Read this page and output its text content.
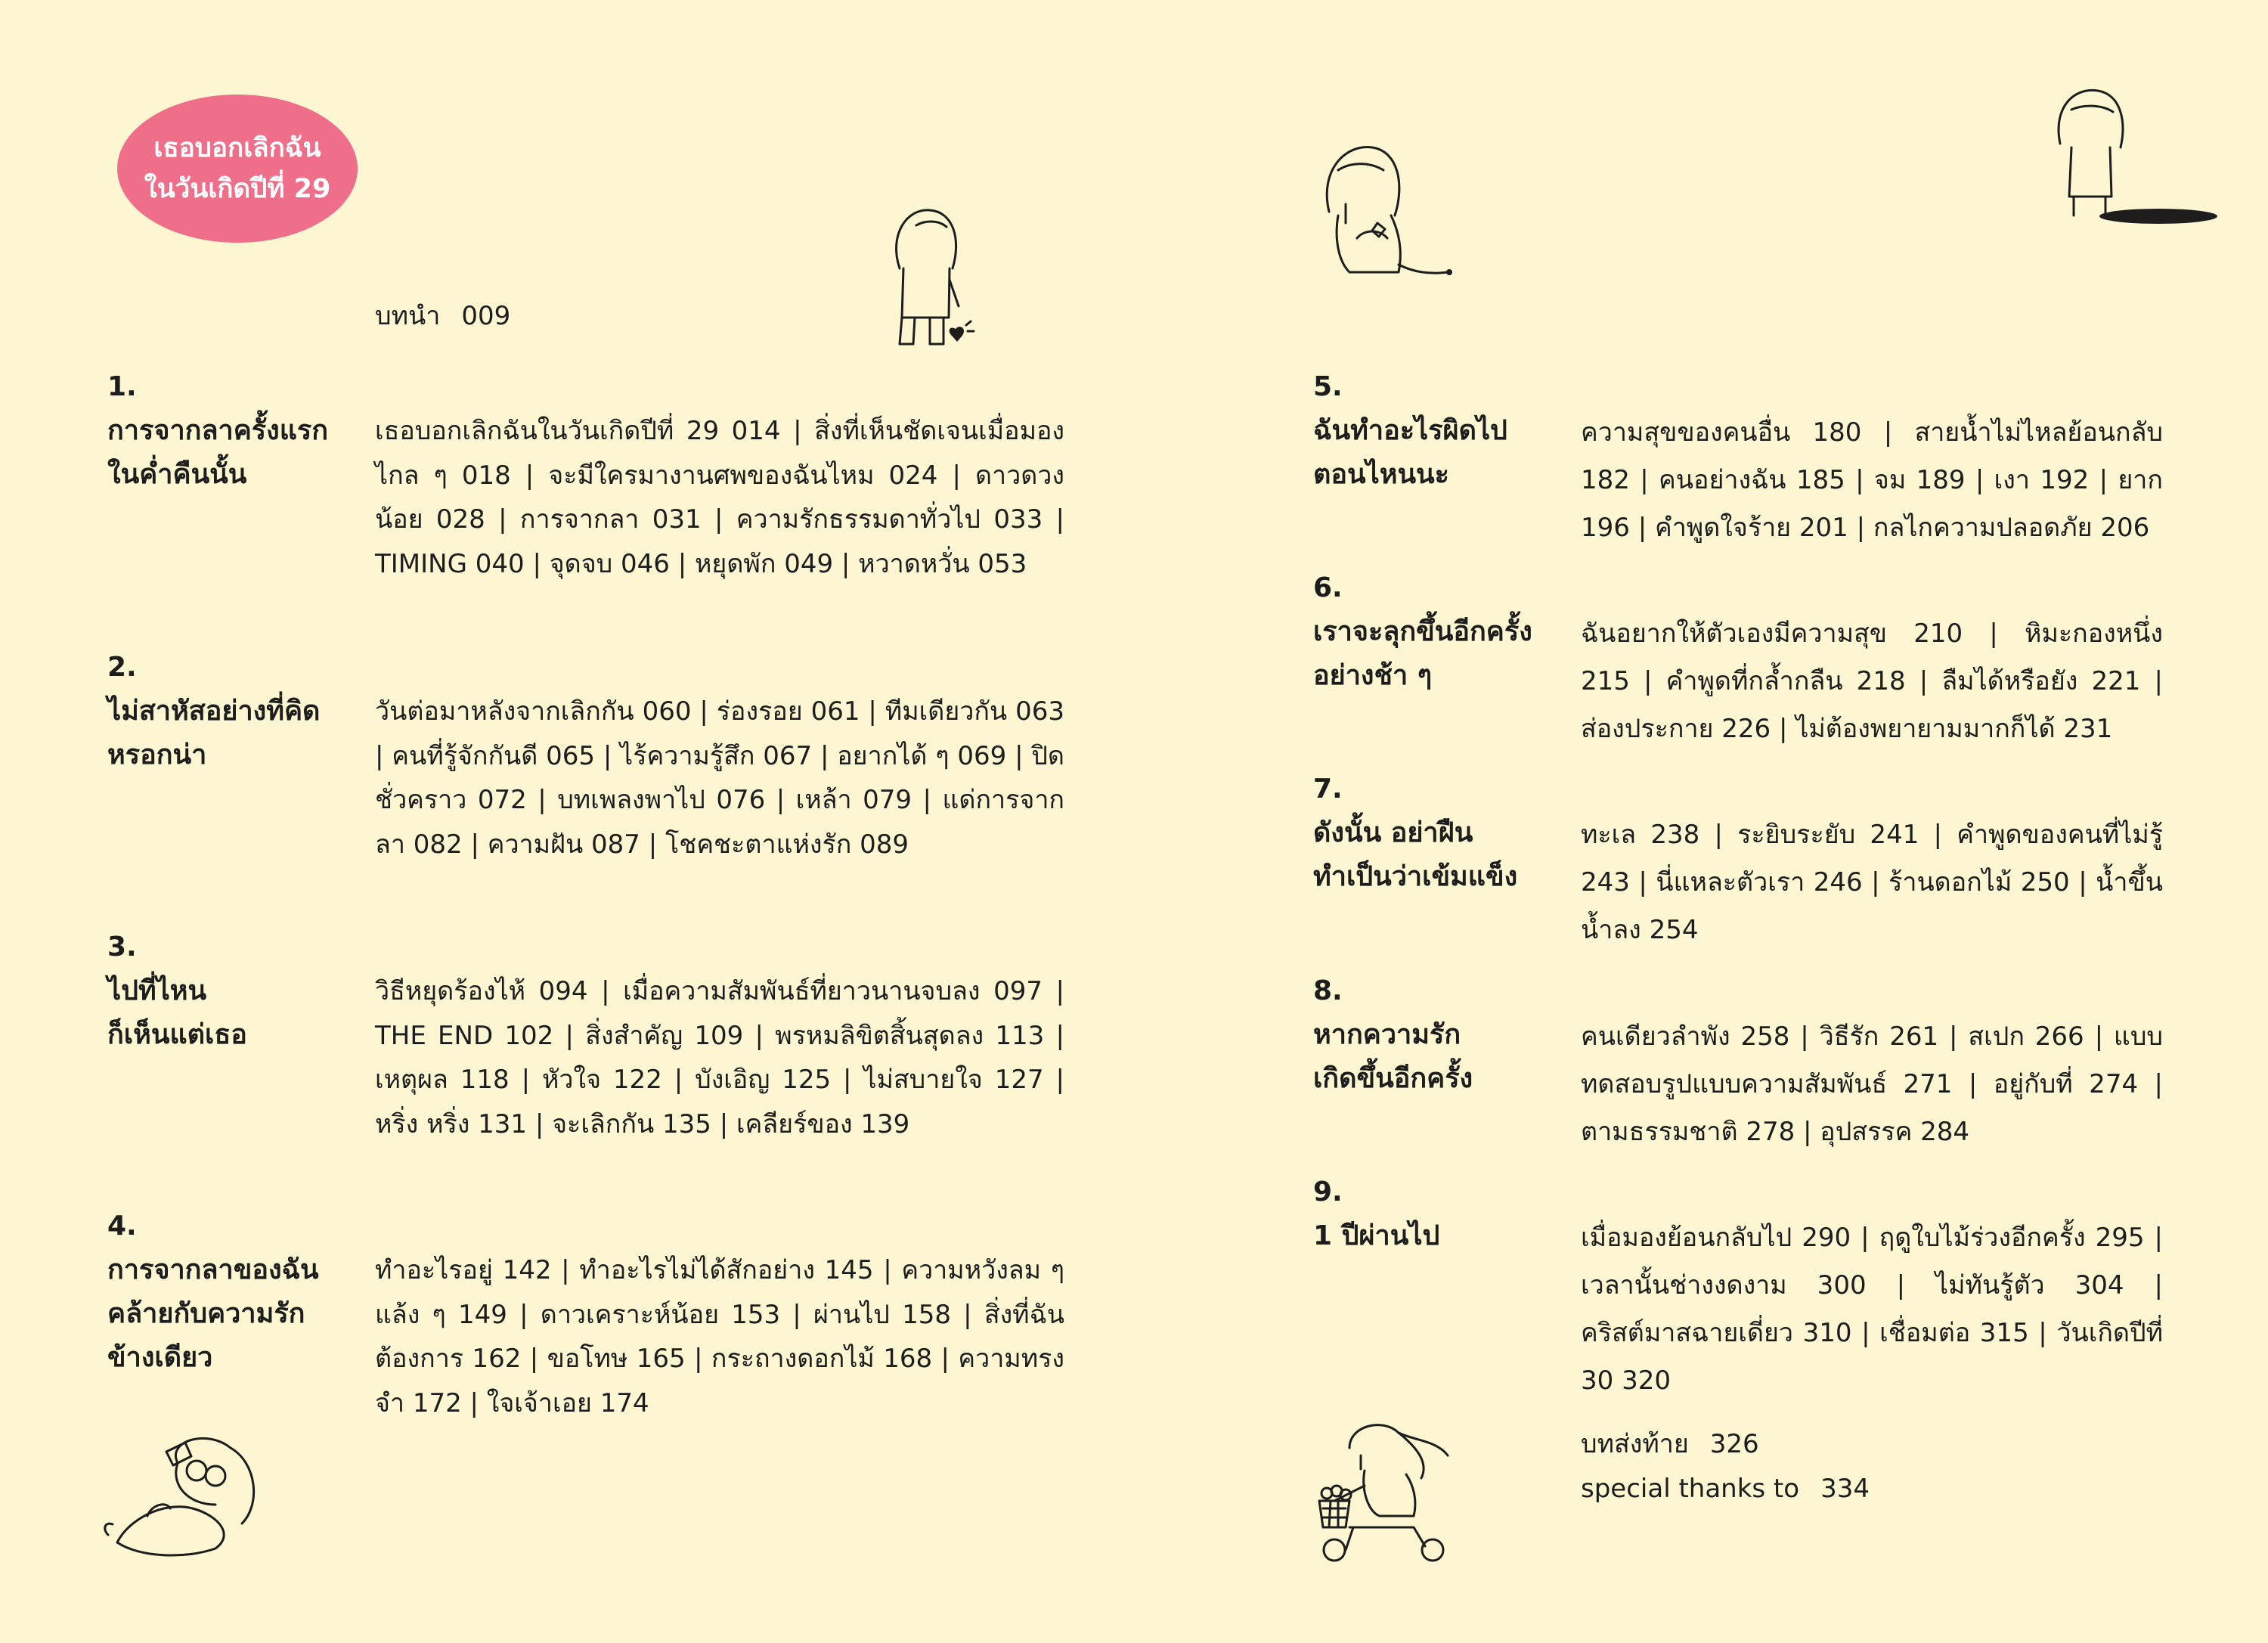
เธอบอกเลิกฉัน
ในวันเกิดปีที่ 29
บทนำ 009
1.
การจากลาครั้งแรก
ในค่ำคืนนั้น
เธอบอกเลิกฉันในวันเกิดปีที่ 29 014 | สิ่งที่เห็นชัดเจนเมื่อมองไกล ๆ 018 | จะมีใครมางานศพของฉันไหม 024 | ดาวดวงน้อย 028 | การจากลา 031 | ความรักธรรมดาทั่วไป 033 | TIMING 040 | จุดจบ 046 | หยุดพัก 049 | หวาดหวั่น 053
2.
ไม่สาหัสอย่างที่คิด
หรอกน่า
วันต่อมาหลังจากเลิกกัน 060 | ร่องรอย 061 | ทีมเดียวกัน 063 | คนที่รู้จักกันดี 065 | ไร้ความรู้สึก 067 | อยากได้ ๆ 069 | ปิดชั่วคราว 072 | บทเพลงพาไป 076 | เหล้า 079 | แด่การจากลา 082 | ความฝัน 087 | โชคชะตาแห่งรัก 089
3.
ไปที่ไหน
ก็เห็นแต่เธอ
วิธีหยุดร้องไห้ 094 | เมื่อความสัมพันธ์ที่ยาวนานจบลง 097 | THE END 102 | สิ่งสำคัญ 109 | พรหมลิขิตสิ้นสุดลง 113 | เหตุผล 118 | หัวใจ 122 | บังเอิญ 125 | ไม่สบายใจ 127 | หริ่ง หริ่ง 131 | จะเลิกกัน 135 | เคลียร์ของ 139
4.
การจากลาของฉัน
คล้ายกับความรัก
ข้างเดียว
ทำอะไรอยู่ 142 | ทำอะไรไม่ได้สักอย่าง 145 | ความหวังลม ๆ แล้ง ๆ 149 | ดาวเคราะห์น้อย 153 | ผ่านไป 158 | สิ่งที่ฉันต้องการ 162 | ขอโทษ 165 | กระถางดอกไม้ 168 | ความทรงจำ 172 | ใจเจ้าเอย 174
5.
ฉันทำอะไรผิดไป
ตอนไหนนะ
ความสุขของคนอื่น 180 | สายน้ำไม่ไหลย้อนกลับ 182 | คนอย่างฉัน 185 | จม 189 | เงา 192 | ยาก 196 | คำพูดใจร้าย 201 | กลไกความปลอดภัย 206
6.
เราจะลุกขึ้นอีกครั้ง
อย่างช้า ๆ
ฉันอยากให้ตัวเองมีความสุข 210 | หิมะกองหนึ่ง 215 | คำพูดที่กล้ำกลืน 218 | ลืมได้หรือยัง 221 | ส่องประกาย 226 | ไม่ต้องพยายามมากก็ได้ 231
7.
ดังนั้น อย่าฝืน
ทำเป็นว่าเข้มแข็ง
ทะเล 238 | ระยิบระยับ 241 | คำพูดของคนที่ไม่รู้ 243 | นี่แหละตัวเรา 246 | ร้านดอกไม้ 250 | น้ำขึ้นน้ำลง 254
8.
หากความรัก
เกิดขึ้นอีกครั้ง
คนเดียวลำพัง 258 | วิธีรัก 261 | สเปก 266 | แบบทดสอบรูปแบบความสัมพันธ์ 271 | อยู่กับที่ 274 | ตามธรรมชาติ 278 | อุปสรรค 284
9.
1 ปีผ่านไป	เมื่อมองย้อนกลับไป 290 | ฤดูใบไม้ร่วงอีกครั้ง 295 | เวลานั้นช่างงดงาม 300 | ไม่ทันรู้ตัว 304 | คริสต์มาสฉายเดี่ยว 310 | เชื่อมต่อ 315 | วันเกิดปีที่ 30 320
บทส่งท้าย 326
special thanks to 334
